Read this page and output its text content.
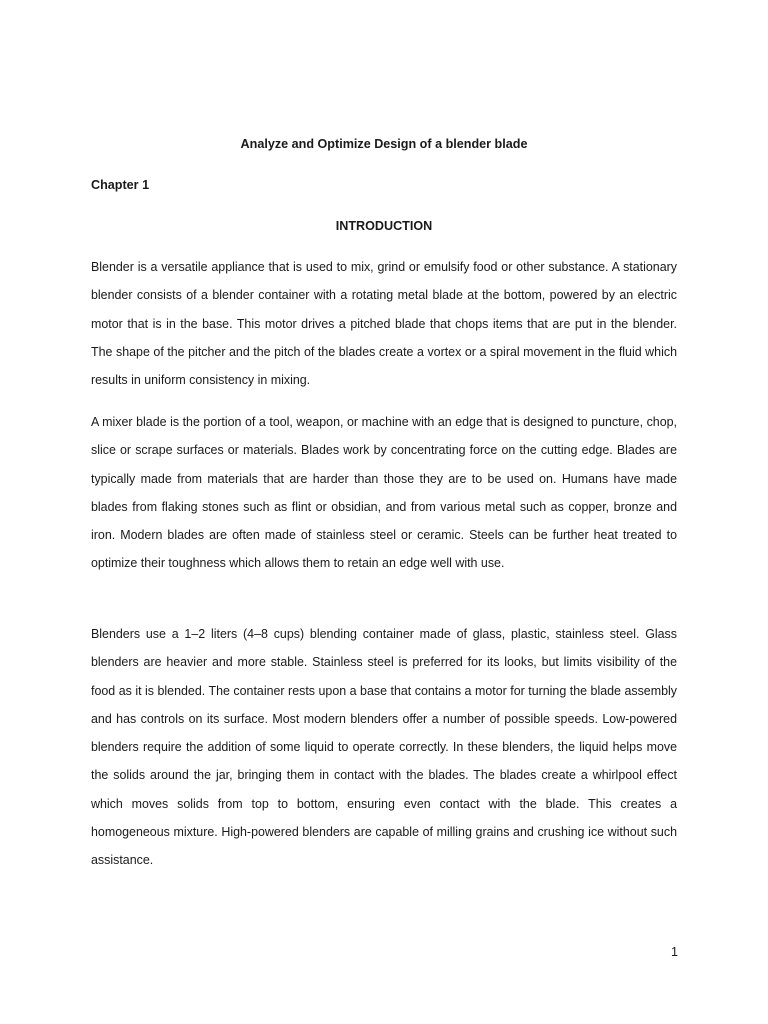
Analyze and Optimize Design of a blender blade

Chapter 1

INTRODUCTION

Blender is a versatile appliance that is used to mix, grind or emulsify food or other substance. A stationary blender consists of a blender container with a rotating metal blade at the bottom, powered by an electric motor that is in the base. This motor drives a pitched blade that chops items that are put in the blender. The shape of the pitcher and the pitch of the blades create a vortex or a spiral movement in the fluid which results in uniform consistency in mixing.

A mixer blade is the portion of a tool, weapon, or machine with an edge that is designed to puncture, chop, slice or scrape surfaces or materials. Blades work by concentrating force on the cutting edge. Blades are typically made from materials that are harder than those they are to be used on. Humans have made blades from flaking stones such as flint or obsidian, and from various metal such as copper, bronze and iron. Modern blades are often made of stainless steel or ceramic. Steels can be further heat treated to optimize their toughness which allows them to retain an edge well with use.

Blenders use a 1–2 liters (4–8 cups) blending container made of glass, plastic, stainless steel. Glass blenders are heavier and more stable. Stainless steel is preferred for its looks, but limits visibility of the food as it is blended. The container rests upon a base that contains a motor for turning the blade assembly and has controls on its surface. Most modern blenders offer a number of possible speeds. Low-powered blenders require the addition of some liquid to operate correctly. In these blenders, the liquid helps move the solids around the jar, bringing them in contact with the blades. The blades create a whirlpool effect which moves solids from top to bottom, ensuring even contact with the blade. This creates a homogeneous mixture. High-powered blenders are capable of milling grains and crushing ice without such assistance.

1
